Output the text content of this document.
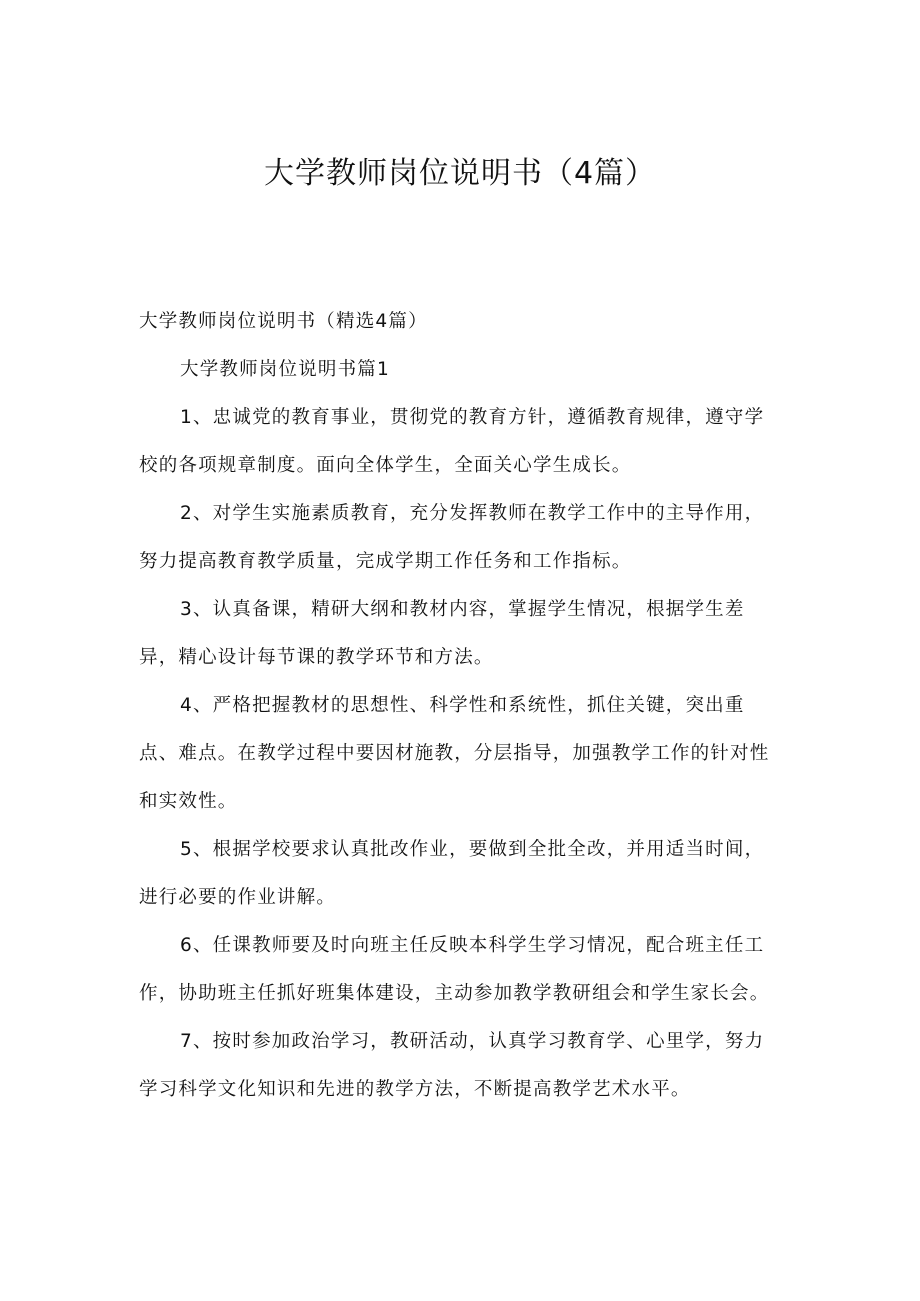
大学教师岗位说明书（4篇）
大学教师岗位说明书（精选4篇）
大学教师岗位说明书篇1
1、忠诚党的教育事业，贯彻党的教育方针，遵循教育规律，遵守学
校的各项规章制度。面向全体学生，全面关心学生成长。
2、对学生实施素质教育，充分发挥教师在教学工作中的主导作用，
努力提高教育教学质量，完成学期工作任务和工作指标。
3、认真备课，精研大纲和教材内容，掌握学生情况，根据学生差
异，精心设计每节课的教学环节和方法。
4、严格把握教材的思想性、科学性和系统性，抓住关键，突出重
点、难点。在教学过程中要因材施教，分层指导，加强教学工作的针对性
和实效性。
5、根据学校要求认真批改作业，要做到全批全改，并用适当时间，
进行必要的作业讲解。
6、任课教师要及时向班主任反映本科学生学习情况，配合班主任工
作，协助班主任抓好班集体建设，主动参加教学教研组会和学生家长会。
7、按时参加政治学习，教研活动，认真学习教育学、心里学，努力
学习科学文化知识和先进的教学方法，不断提高教学艺术水平。
